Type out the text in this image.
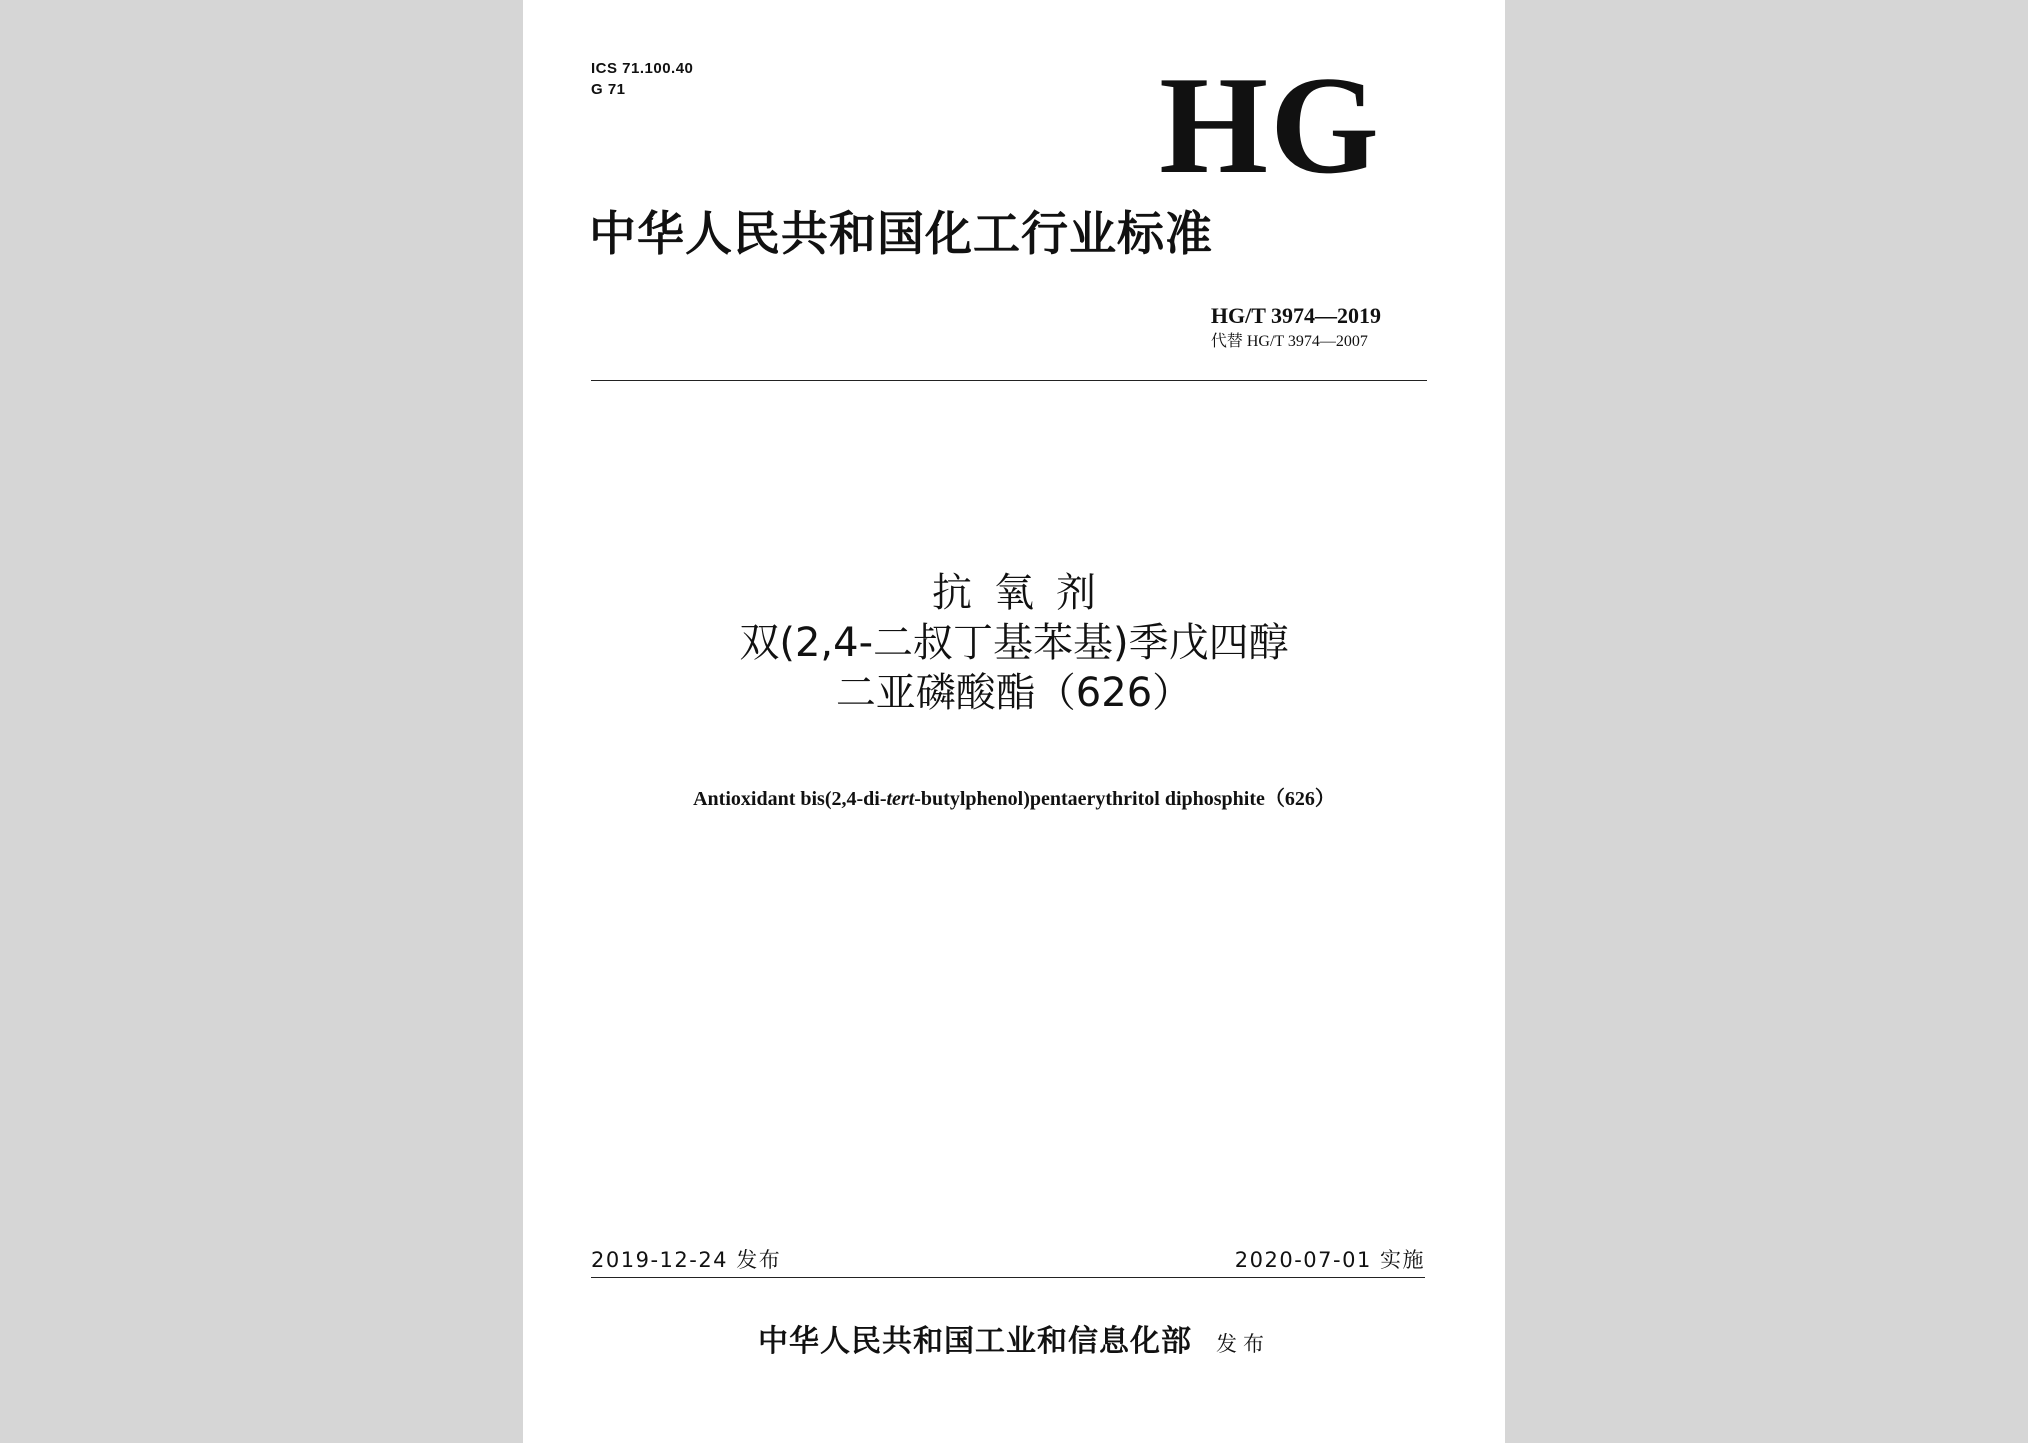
ICS 71.100.40
G 71	HG
中华人民共和国化工行业标准
HG/T 3974—2019
代替 HG/T 3974—2007
抗氧剂
双(2,4-二叔丁基苯基)季戊四醇
二亚磷酸酯（626）
Antioxidant bis(2,4-di-tert-butylphenol)pentaerythritol diphosphite（626）
2019-12-24 发布	2020-07-01 实施
中华人民共和国工业和信息化部 发布
